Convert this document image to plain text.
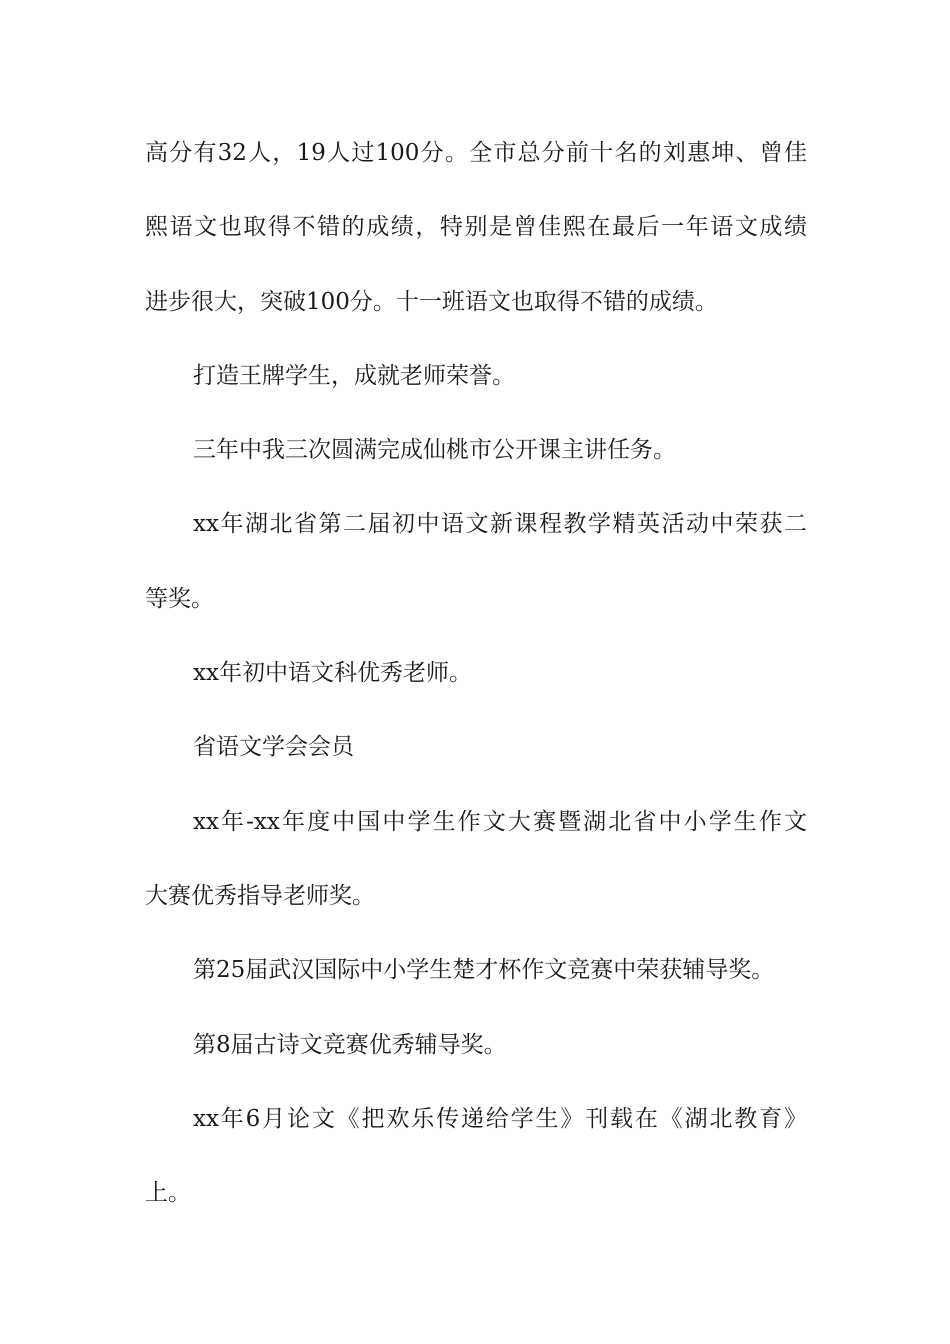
高分有32人，19人过100分。全市总分前十名的刘惠坤、曾佳
熙语文也取得不错的成绩，特别是曾佳熙在最后一年语文成绩
进步很大，突破100分。十一班语文也取得不错的成绩。
打造王牌学生，成就老师荣誉。
三年中我三次圆满完成仙桃市公开课主讲任务。
xx年湖北省第二届初中语文新课程教学精英活动中荣获二
等奖。
xx年初中语文科优秀老师。
省语文学会会员
xx年-xx年度中国中学生作文大赛暨湖北省中小学生作文
大赛优秀指导老师奖。
第25届武汉国际中小学生楚才杯作文竞赛中荣获辅导奖。
第8届古诗文竞赛优秀辅导奖。
xx年6月论文《把欢乐传递给学生》刊载在《湖北教育》
上。
